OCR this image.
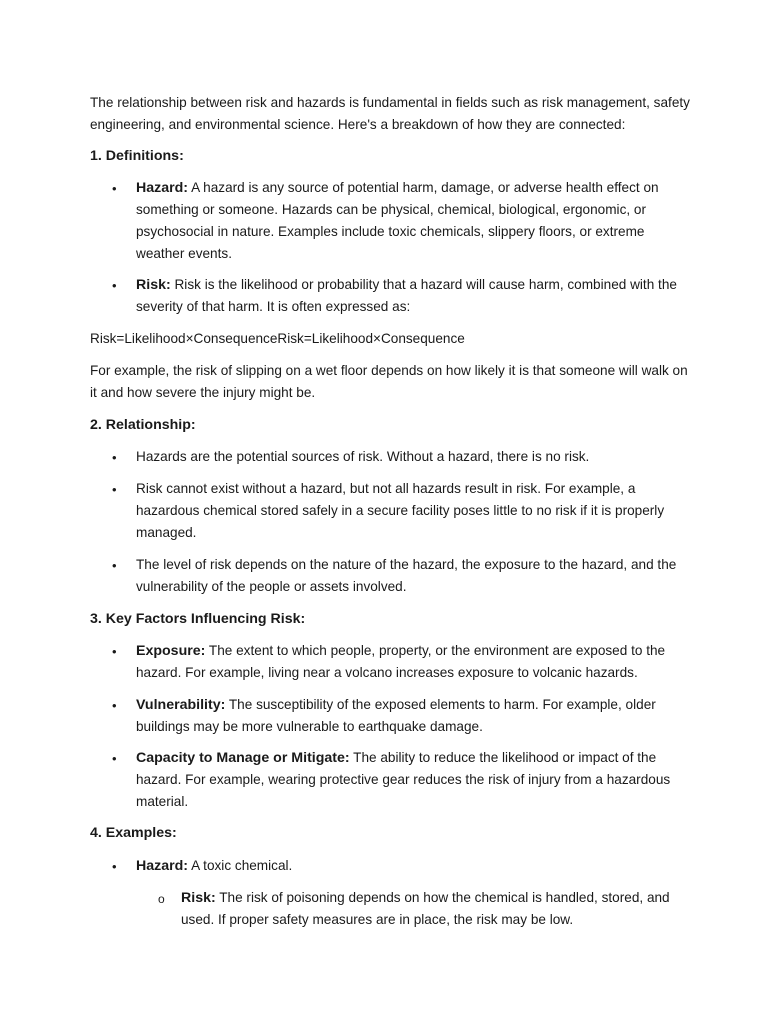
The relationship between risk and hazards is fundamental in fields such as risk management, safety engineering, and environmental science. Here's a breakdown of how they are connected:

1. Definitions:
• Hazard: A hazard is any source of potential harm, damage, or adverse health effect on something or someone. Hazards can be physical, chemical, biological, ergonomic, or psychosocial in nature. Examples include toxic chemicals, slippery floors, or extreme weather events.

• Risk: Risk is the likelihood or probability that a hazard will cause harm, combined with the severity of that harm. It is often expressed as:

Risk=Likelihood×ConsequenceRisk=Likelihood×Consequence

For example, the risk of slipping on a wet floor depends on how likely it is that someone will walk on it and how severe the injury might be.

2. Relationship:
• Hazards are the potential sources of risk. Without a hazard, there is no risk.

• Risk cannot exist without a hazard, but not all hazards result in risk. For example, a hazardous chemical stored safely in a secure facility poses little to no risk if it is properly managed.

• The level of risk depends on the nature of the hazard, the exposure to the hazard, and the vulnerability of the people or assets involved.

3. Key Factors Influencing Risk:
• Exposure: The extent to which people, property, or the environment are exposed to the hazard. For example, living near a volcano increases exposure to volcanic hazards.

• Vulnerability: The susceptibility of the exposed elements to harm. For example, older buildings may be more vulnerable to earthquake damage.

• Capacity to Manage or Mitigate: The ability to reduce the likelihood or impact of the hazard. For example, wearing protective gear reduces the risk of injury from a hazardous material.

4. Examples:
• Hazard: A toxic chemical.

o Risk: The risk of poisoning depends on how the chemical is handled, stored, and used. If proper safety measures are in place, the risk may be low.
